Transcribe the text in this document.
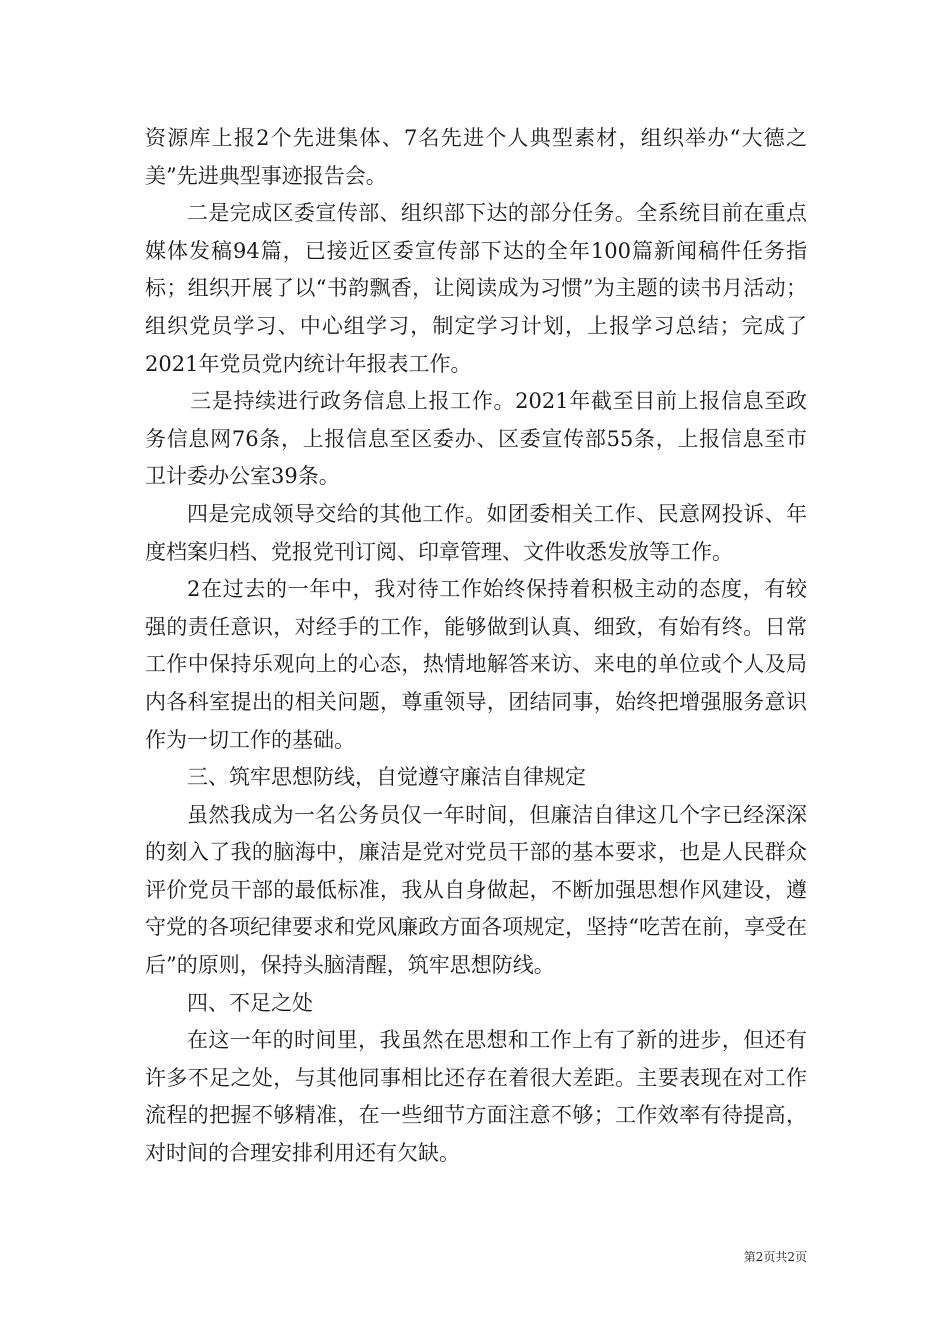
资源库上报2个先进集体、7名先进个人典型素材，组织举办“大德之美”先进典型事迹报告会。

二是完成区委宣传部、组织部下达的部分任务。全系统目前在重点媒体发稿94篇，已接近区委宣传部下达的全年100篇新闻稿件任务指标；组织开展了以“书韵飘香，让阅读成为习惯”为主题的读书月活动；组织党员学习、中心组学习，制定学习计划，上报学习总结；完成了2021年党员党内统计年报表工作。

三是持续进行政务信息上报工作。2021年截至目前上报信息至政务信息网76条，上报信息至区委办、区委宣传部55条，上报信息至市卫计委办公室39条。

四是完成领导交给的其他工作。如团委相关工作、民意网投诉、年度档案归档、党报党刊订阅、印章管理、文件收悉发放等工作。

2在过去的一年中，我对待工作始终保持着积极主动的态度，有较强的责任意识，对经手的工作，能够做到认真、细致，有始有终。日常工作中保持乐观向上的心态，热情地解答来访、来电的单位或个人及局内各科室提出的相关问题，尊重领导，团结同事，始终把增强服务意识作为一切工作的基础。

三、筑牢思想防线，自觉遵守廉洁自律规定

虽然我成为一名公务员仅一年时间，但廉洁自律这几个字已经深深的刻入了我的脑海中，廉洁是党对党员干部的基本要求，也是人民群众评价党员干部的最低标准，我从自身做起，不断加强思想作风建设，遵守党的各项纪律要求和党风廉政方面各项规定，坚持“吃苦在前，享受在后”的原则，保持头脑清醒，筑牢思想防线。

四、不足之处

在这一年的时间里，我虽然在思想和工作上有了新的进步，但还有许多不足之处，与其他同事相比还存在着很大差距。主要表现在对工作流程的把握不够精准，在一些细节方面注意不够；工作效率有待提高，对时间的合理安排利用还有欠缺。

第2页共2页
